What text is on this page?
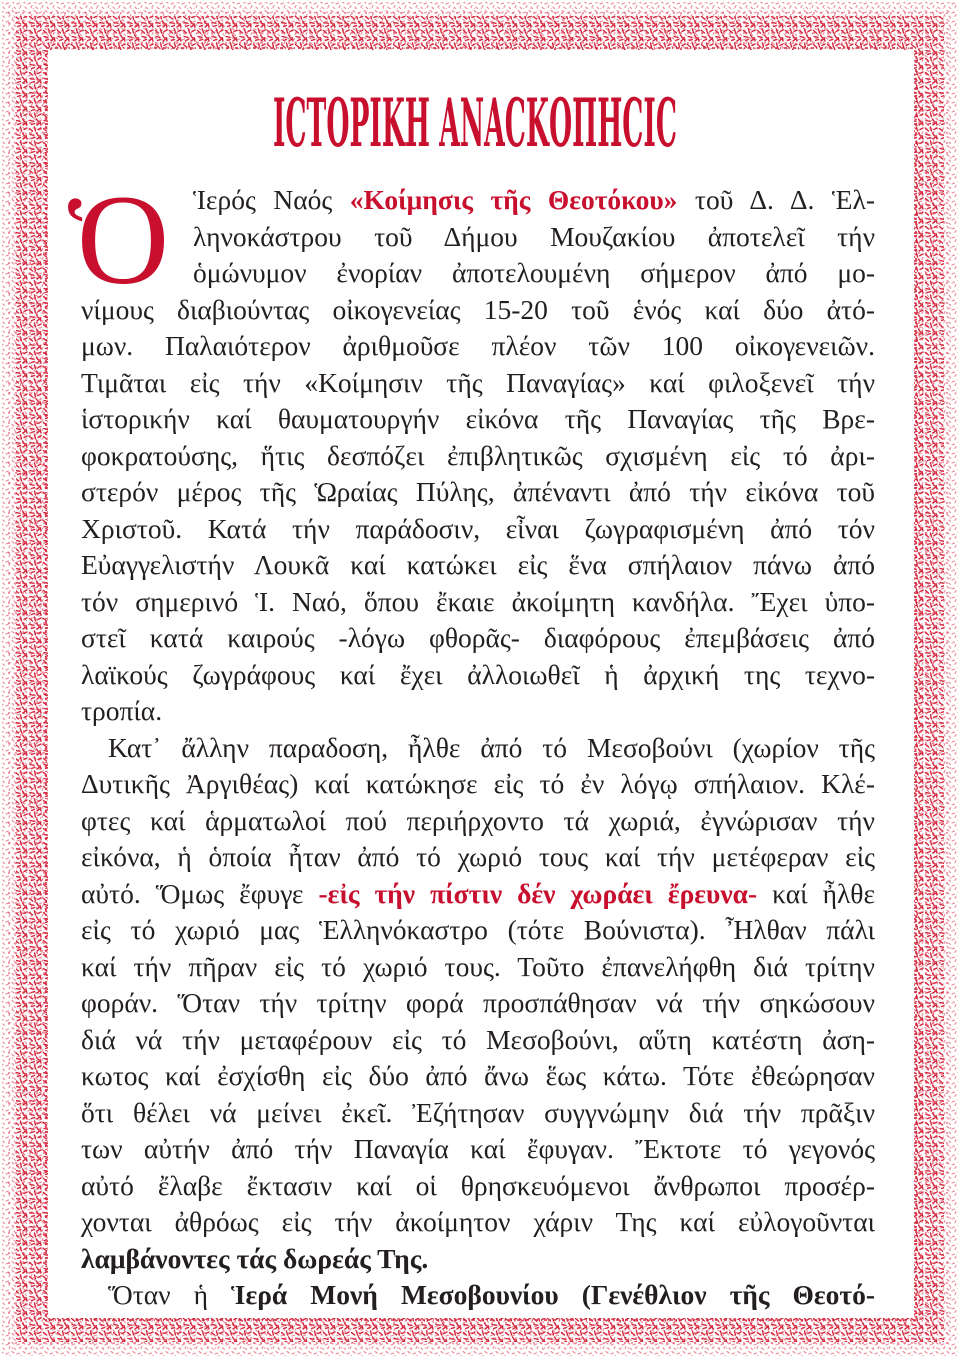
ΙϹΤΟΡΙΚΗ ΑΝΑϹΚΟΠΗϹΙϹ
Ὁ Ἱερός Ναός «Κοίμησις τῆς Θεοτόκου» τοῦ Δ. Δ. Ἑλ-
ληνοκάστρου τοῦ Δήμου Μουζακίου ἀποτελεῖ τήν
ὁμώνυμον ἐνορίαν ἀποτελουμένη σήμερον ἀπό μο-
νίμους διαβιούντας οἰκογενείας 15-20 τοῦ ἑνός καί δύο ἀτό-
μων. Παλαιότερον ἀριθμοῦσε πλέον τῶν 100 οἰκογενειῶν.
Τιμᾶται εἰς τήν «Κοίμησιν τῆς Παναγίας» καί φιλοξενεῖ τήν
ἱστορικήν καί θαυματουργήν εἰκόνα τῆς Παναγίας τῆς Βρε-
φοκρατούσης, ἥτις δεσπόζει ἐπιβλητικῶς σχισμένη εἰς τό ἀρι-
στερόν μέρος τῆς Ὡραίας Πύλης, ἀπέναντι ἀπό τήν εἰκόνα τοῦ
Χριστοῦ. Κατά τήν παράδοσιν, εἶναι ζωγραφισμένη ἀπό τόν
Εὐαγγελιστήν Λουκᾶ καί κατώκει εἰς ἕνα σπήλαιον πάνω ἀπό
τόν σημερινό Ἱ. Ναό, ὅπου ἔκαιε ἀκοίμητη κανδήλα. Ἔχει ὑπο-
στεῖ κατά καιρούς -λόγω φθορᾶς- διαφόρους ἐπεμβάσεις ἀπό
λαϊκούς ζωγράφους καί ἔχει ἀλλοιωθεῖ ἡ ἀρχική της τεχνο-
τροπία.
Κατ᾽ ἄλλην παραδοση, ἦλθε ἀπό τό Μεσοβούνι (χωρίον τῆς
Δυτικῆς Ἀργιθέας) καί κατώκησε εἰς τό ἐν λόγῳ σπήλαιον. Κλέ-
φτες καί ἁρματωλοί πού περιήρχοντο τά χωριά, ἐγνώρισαν τήν
εἰκόνα, ἡ ὁποία ἦταν ἀπό τό χωριό τους καί τήν μετέφεραν εἰς
αὐτό. Ὅμως ἔφυγε -εἰς τήν πίστιν δέν χωράει ἔρευνα- καί ἦλθε
εἰς τό χωριό μας Ἑλληνόκαστρο (τότε Βούνιστα). Ἦλθαν πάλι
καί τήν πῆραν εἰς τό χωριό τους. Τοῦτο ἐπανελήφθη διά τρίτην
φοράν. Ὅταν τήν τρίτην φορά προσπάθησαν νά τήν σηκώσουν
διά νά τήν μεταφέρουν εἰς τό Μεσοβούνι, αὕτη κατέστη ἀση-
κωτος καί ἐσχίσθη εἰς δύο ἀπό ἄνω ἕως κάτω. Τότε ἐθεώρησαν
ὅτι θέλει νά μείνει ἐκεῖ. Ἐζήτησαν συγγνώμην διά τήν πρᾶξιν
των αὐτήν ἀπό τήν Παναγία καί ἔφυγαν. Ἔκτοτε τό γεγονός
αὐτό ἔλαβε ἔκτασιν καί οἱ θρησκευόμενοι ἄνθρωποι προσέρ-
χονται ἀθρόως εἰς τήν ἀκοίμητον χάριν Της καί εὐλογοῦνται
λαμβάνοντες τάς δωρεάς Της.
Ὅταν ἡ Ἱερά Μονή Μεσοβουνίου (Γενέθλιον τῆς Θεοτό-
